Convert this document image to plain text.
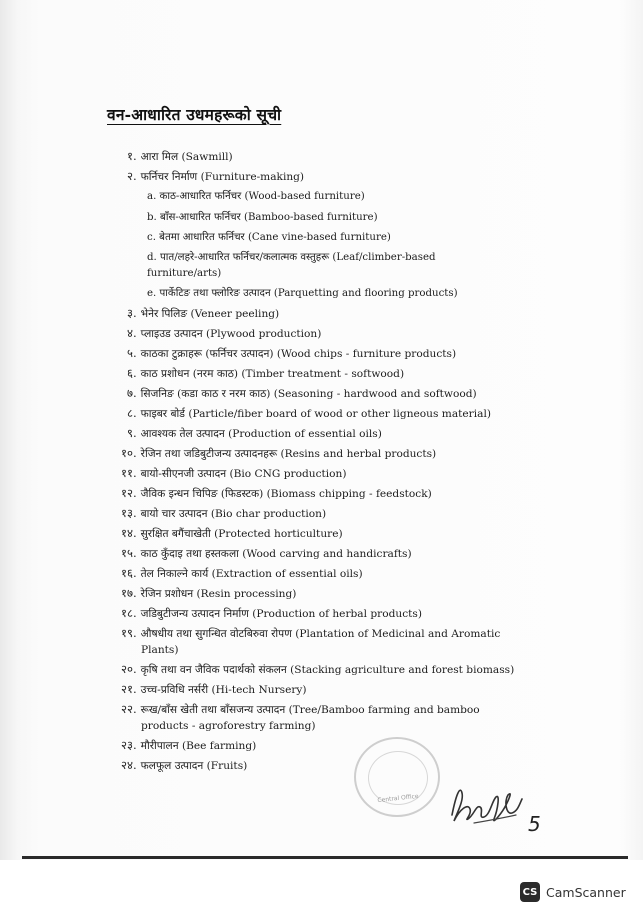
वन-आधारित उधमहरूको सूची
१. आरा मिल (Sawmill)
२. फर्निचर निर्माण (Furniture-making)
a. काठ-आधारित फर्निचर (Wood-based furniture)
b. बाँस-आधारित फर्निचर (Bamboo-based furniture)
c. बेतमा आधारित फर्निचर (Cane vine-based furniture)
d. पात/लहरे-आधारित फर्निचर/कलात्मक वस्तुहरू (Leaf/climber-based
furniture/arts)
e. पार्केटिङ तथा फ्लोरिङ उत्पादन (Parquetting and flooring products)
३. भेनेर पिलिङ (Veneer peeling)
४. प्लाइउड उत्पादन (Plywood production)
५. काठका टुक्राहरू (फर्निचर उत्पादन) (Wood chips - furniture products)
६. काठ प्रशोधन (नरम काठ) (Timber treatment - softwood)
७. सिजनिङ (कडा काठ र नरम काठ) (Seasoning - hardwood and softwood)
८. फाइबर बोर्ड (Particle/fiber board of wood or other ligneous material)
९. आवश्यक तेल उत्पादन (Production of essential oils)
१०. रेजिन तथा जडिबुटीजन्य उत्पादनहरू (Resins and herbal products)
११. बायो-सीएनजी उत्पादन (Bio CNG production)
१२. जैविक इन्धन चिपिङ (फिडस्टक) (Biomass chipping - feedstock)
१३. बायो चार उत्पादन (Bio char production)
१४. सुरक्षित बगैंचाखेती (Protected horticulture)
१५. काठ कुँदाइ तथा हस्तकला (Wood carving and handicrafts)
१६. तेल निकाल्ने कार्य (Extraction of essential oils)
१७. रेजिन प्रशोधन (Resin processing)
१८. जडिबुटीजन्य उत्पादन निर्माण (Production of herbal products)
१९. औषधीय तथा सुगन्धित वोटबिरुवा रोपण (Plantation of Medicinal and Aromatic
Plants)
२०. कृषि तथा वन जैविक पदार्थको संकलन (Stacking agriculture and forest biomass)
२१. उच्च-प्रविधि नर्सरी (Hi-tech Nursery)
२२. रूख/बाँस खेती तथा बाँसजन्य उत्पादन (Tree/Bamboo farming and bamboo
products - agroforestry farming)
२३. मौरीपालन (Bee farming)
२४. फलफूल उत्पादन (Fruits)
Central Office
5
CS CamScanner
